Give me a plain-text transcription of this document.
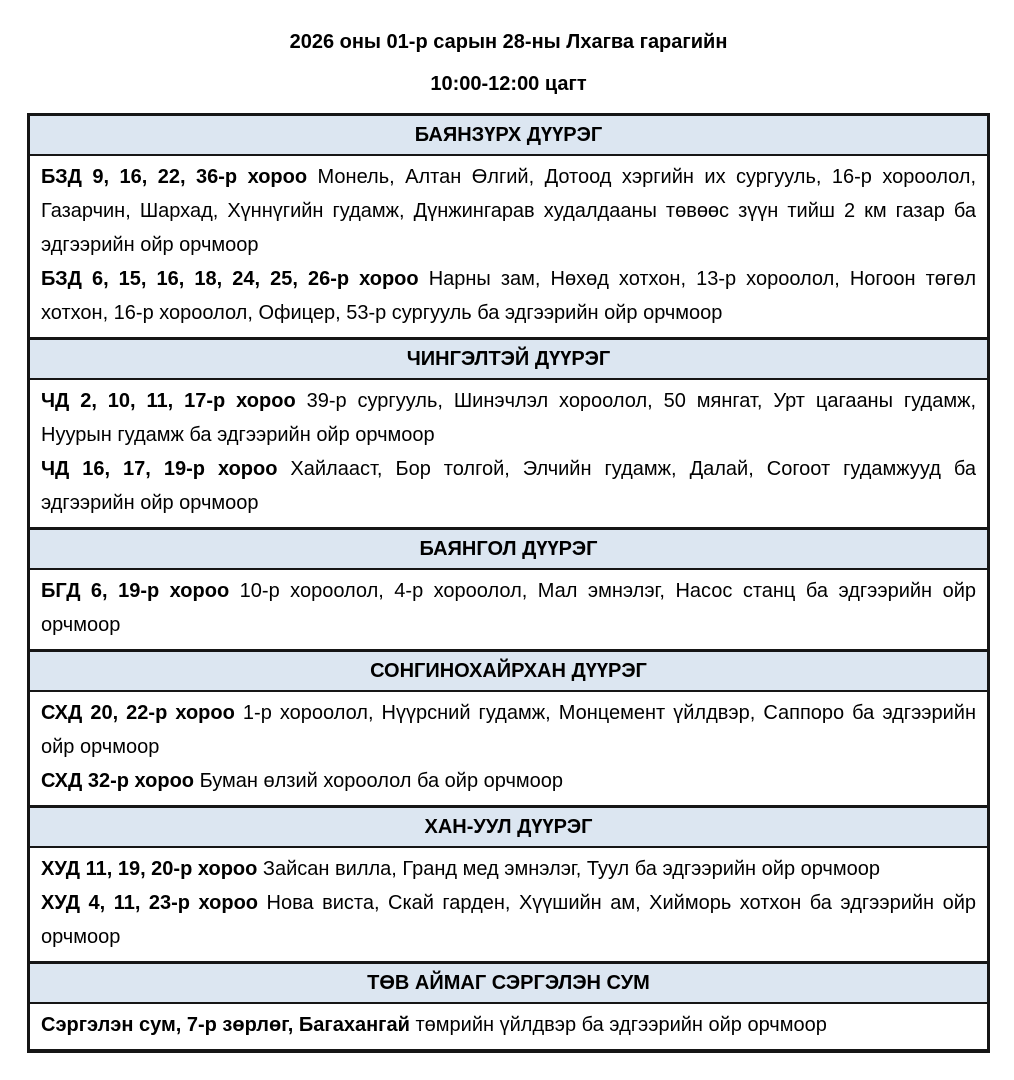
2026 оны 01-р сарын 28-ны Лхагва гарагийн

10:00-12:00 цагт

БАЯНЗҮРХ ДҮҮРЭГ

БЗД 9, 16, 22, 36-р хороо Монель, Алтан Өлгий, Дотоод хэргийн их сургууль, 16-р хороолол, Газарчин, Шархад, Хүннүгийн гудамж, Дүнжингарав худалдааны төвөөс зүүн тийш 2 км газар ба эдгээрийн ойр орчмоор

БЗД 6, 15, 16, 18, 24, 25, 26-р хороо Нарны зам, Нөхөд хотхон, 13-р хороолол, Ногоон төгөл хотхон, 16-р хороолол, Офицер, 53-р сургууль ба эдгээрийн ойр орчмоор

ЧИНГЭЛТЭЙ ДҮҮРЭГ

ЧД 2, 10, 11, 17-р хороо 39-р сургууль, Шинэчлэл хороолол, 50 мянгат, Урт цагааны гудамж, Нуурын гудамж ба эдгээрийн ойр орчмоор

ЧД 16, 17, 19-р хороо Хайлааст, Бор толгой, Элчийн гудамж, Далай, Согоот гудамжууд ба эдгээрийн ойр орчмоор

БАЯНГОЛ ДҮҮРЭГ

БГД 6, 19-р хороо 10-р хороолол, 4-р хороолол, Мал эмнэлэг, Насос станц ба эдгээрийн ойр орчмоор

СОНГИНОХАЙРХАН ДҮҮРЭГ

СХД 20, 22-р хороо 1-р хороолол, Нүүрсний гудамж, Монцемент үйлдвэр, Саппоро ба эдгээрийн ойр орчмоор

СХД 32-р хороо Буман өлзий хороолол ба ойр орчмоор

ХАН-УУЛ ДҮҮРЭГ

ХУД 11, 19, 20-р хороо Зайсан вилла, Гранд мед эмнэлэг, Туул ба эдгээрийн ойр орчмоор

ХУД 4, 11, 23-р хороо Нова виста, Скай гарден, Хүүшийн ам, Хийморь хотхон ба эдгээрийн ойр орчмоор

ТӨВ АЙМАГ СЭРГЭЛЭН СУМ

Сэргэлэн сум, 7-р зөрлөг, Багахангай төмрийн үйлдвэр ба эдгээрийн ойр орчмоор
